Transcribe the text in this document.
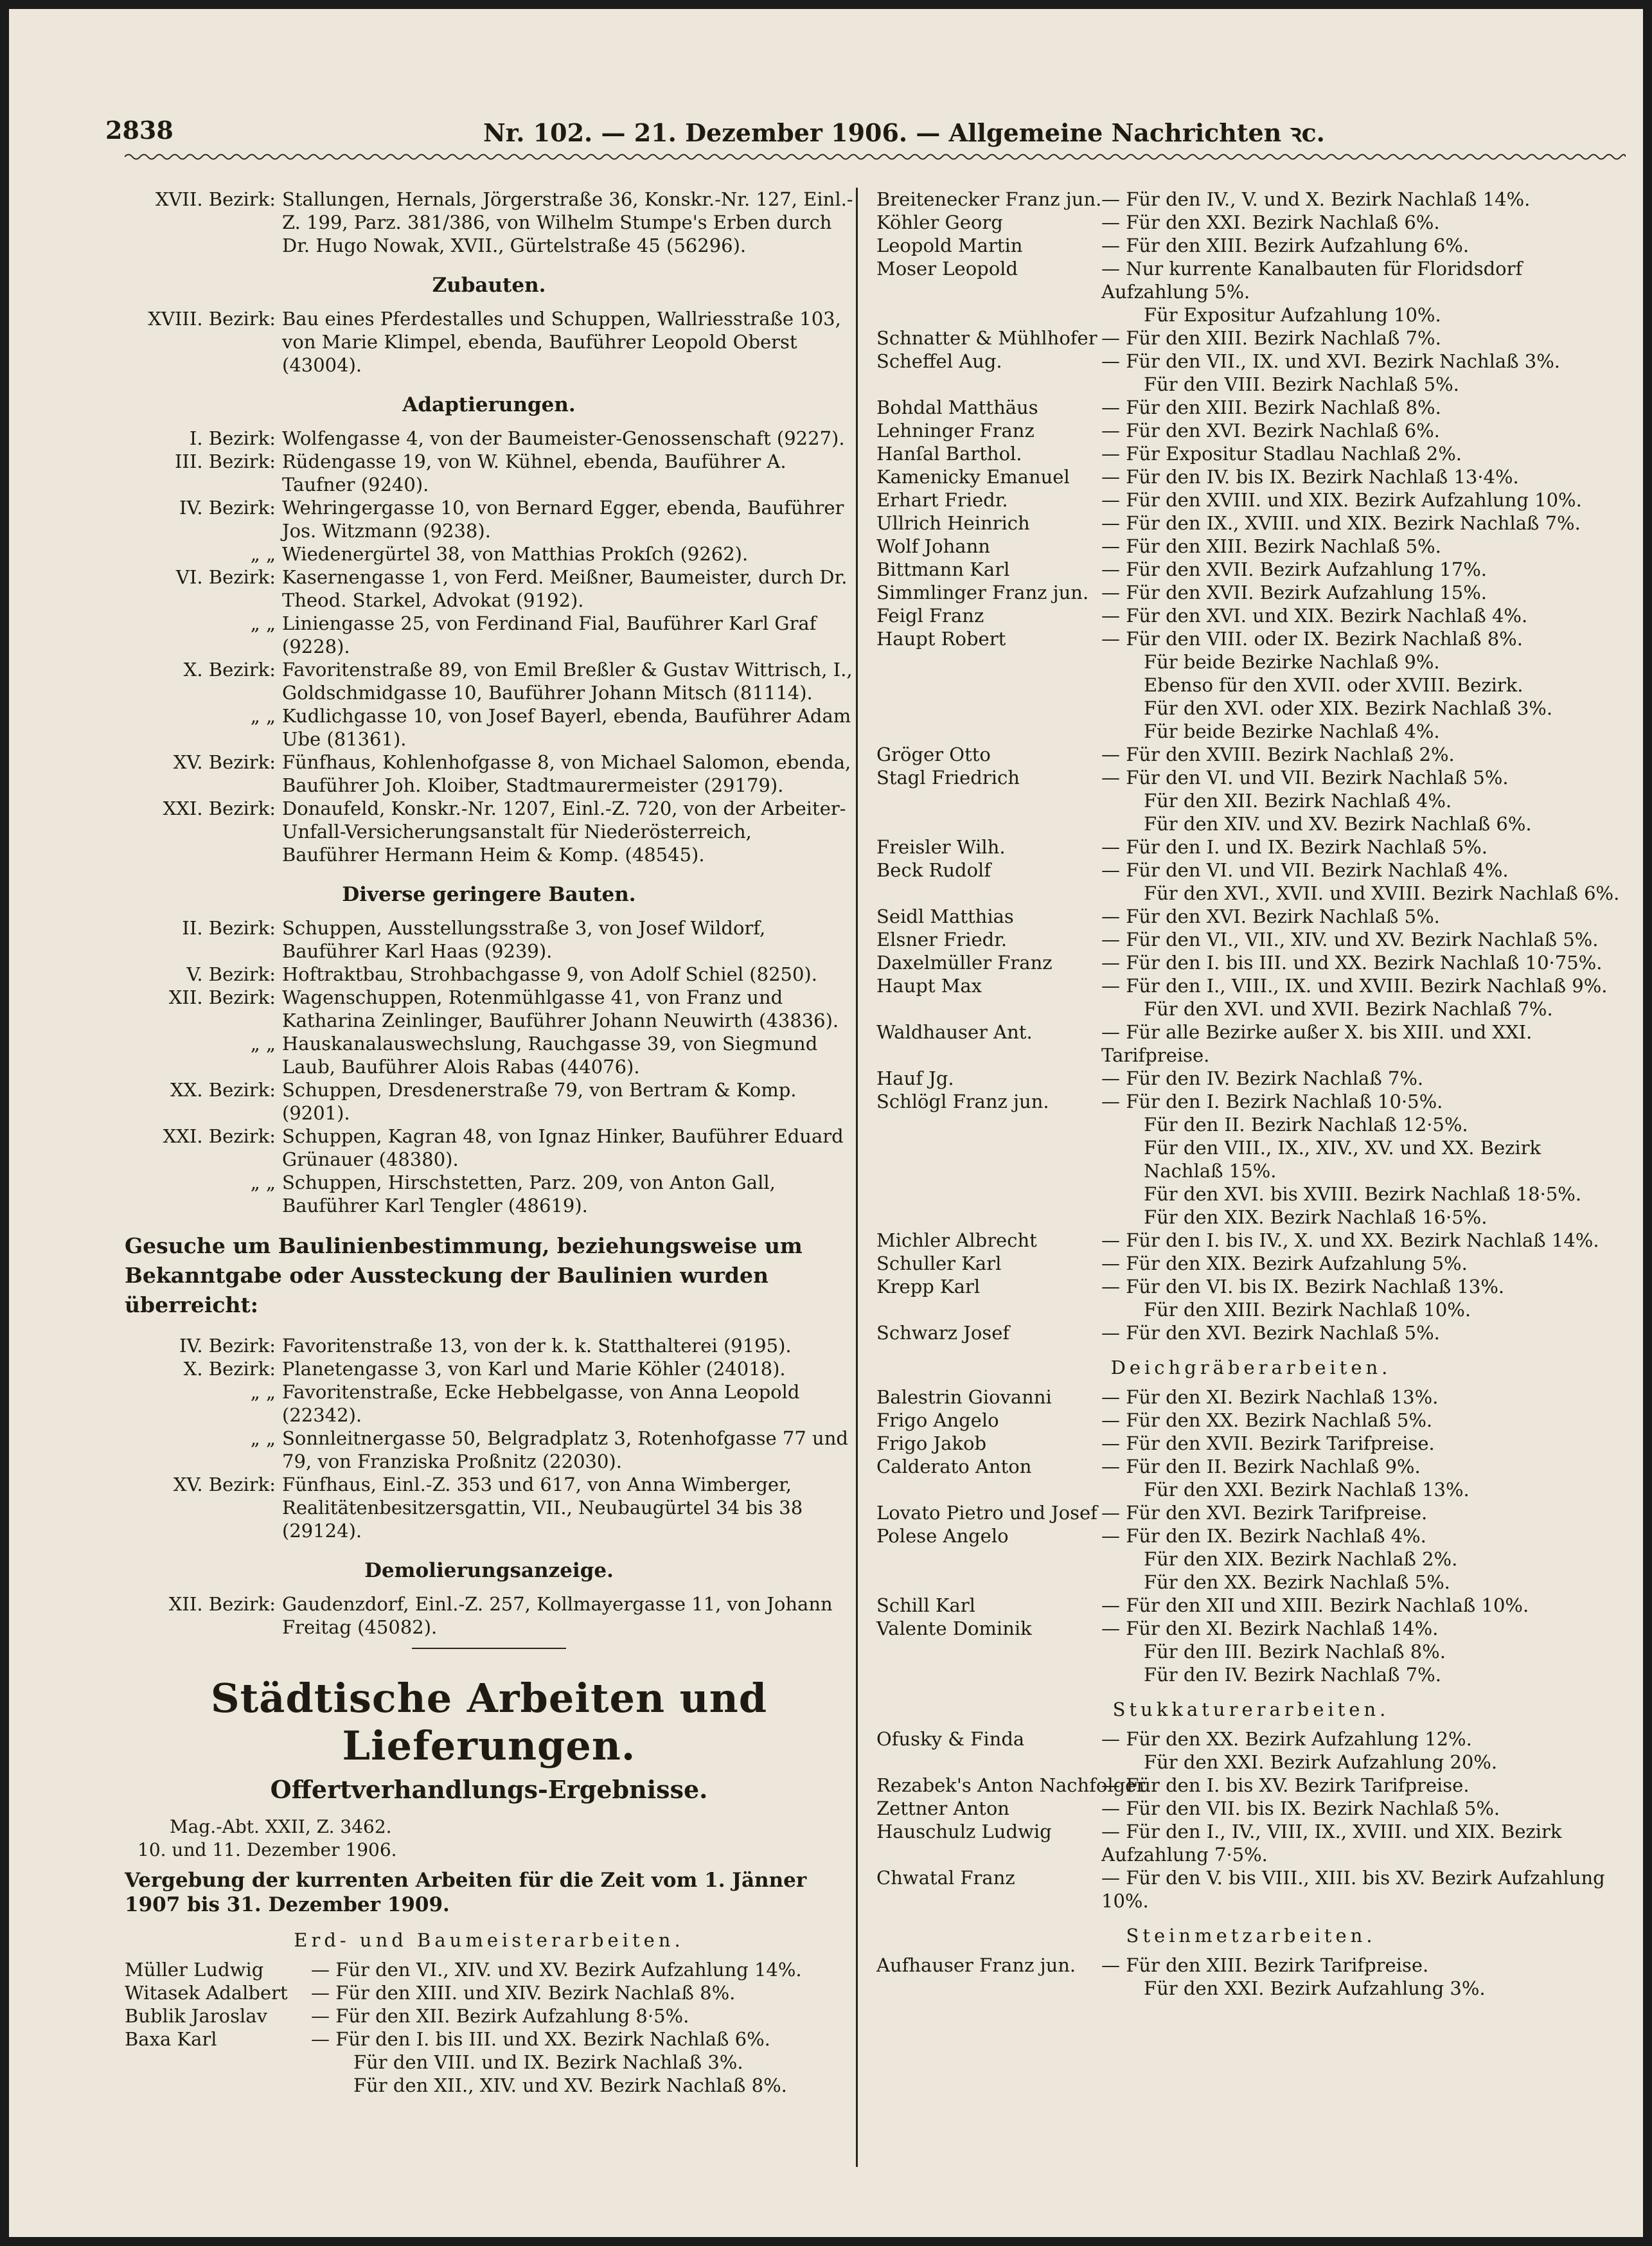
2838	Nr. 102. — 21. Dezember 1906. — Allgemeine Nachrichten ꝛc.
XVII. Bezirk: Stallungen, Hernals, Jörgerstraße 36, Konskr.-Nr. 127, Einl.-Z. 199, Parz. 381/386, von Wilhelm Stumpe's Erben durch Dr. Hugo Nowak, XVII., Gürtelstraße 45 (56296).
Zubauten.
XVIII. Bezirk: Bau eines Pferdestalles und Schuppen, Wallriesstraße 103, von Marie Klimpel, ebenda, Bauführer Leopold Oberst (43004).
Adaptierungen.
I. Bezirk: Wolfengasse 4, von der Baumeister-Genossenschaft (9227).
III. Bezirk: Rüdengasse 19, von W. Kühnel, ebenda, Bauführer A. Taufner (9240).
IV. Bezirk: Wehringergasse 10, von Bernard Egger, ebenda, Bauführer Jos. Witzmann (9238).
„ „ Wiedenergürtel 38, von Matthias Prokſch (9262).
VI. Bezirk: Kasernengasse 1, von Ferd. Meißner, Baumeister, durch Dr. Theod. Starkel, Advokat (9192).
„ „ Liniengasse 25, von Ferdinand Fial, Bauführer Karl Graf (9228).
X. Bezirk: Favoritenstraße 89, von Emil Breßler & Gustav Wittrisch, I., Goldschmidgasse 10, Bauführer Johann Mitsch (81114).
„ „ Kudlichgasse 10, von Josef Bayerl, ebenda, Bauführer Adam Ube (81361).
XV. Bezirk: Fünfhaus, Kohlenhofgasse 8, von Michael Salomon, ebenda, Bauführer Joh. Kloiber, Stadtmaurermeister (29179).
XXI. Bezirk: Donaufeld, Konskr.-Nr. 1207, Einl.-Z. 720, von der Arbeiter-Unfall-Versicherungsanstalt für Niederösterreich, Bauführer Hermann Heim & Komp. (48545).
Diverse geringere Bauten.
II. Bezirk: Schuppen, Ausstellungsstraße 3, von Josef Wildorf, Bauführer Karl Haas (9239).
V. Bezirk: Hoftraktbau, Strohbachgasse 9, von Adolf Schiel (8250).
XII. Bezirk: Wagenschuppen, Rotenmühlgasse 41, von Franz und Katharina Zeinlinger, Bauführer Johann Neuwirth (43836).
„ „ Hauskanalauswechslung, Rauchgasse 39, von Siegmund Laub, Bauführer Alois Rabas (44076).
XX. Bezirk: Schuppen, Dresdenerstraße 79, von Bertram & Komp. (9201).
XXI. Bezirk: Schuppen, Kagran 48, von Ignaz Hinker, Bauführer Eduard Grünauer (48380).
„ „ Schuppen, Hirschstetten, Parz. 209, von Anton Gall, Bauführer Karl Tengler (48619).
Gesuche um Baulinienbestimmung, beziehungsweise um Bekanntgabe oder Aussteckung der Baulinien wurden überreicht:
IV. Bezirk: Favoritenstraße 13, von der k. k. Statthalterei (9195).
X. Bezirk: Planetengasse 3, von Karl und Marie Köhler (24018).
„ „ Favoritenstraße, Ecke Hebbelgasse, von Anna Leopold (22342).
„ „ Sonnleitnergasse 50, Belgradplatz 3, Rotenhofgasse 77 und 79, von Franziska Proßnitz (22030).
XV. Bezirk: Fünfhaus, Einl.-Z. 353 und 617, von Anna Wimberger, Realitätenbesitzersgattin, VII., Neubaugürtel 34 bis 38 (29124).
Demolierungsanzeige.
XII. Bezirk: Gaudenzdorf, Einl.-Z. 257, Kollmayergasse 11, von Johann Freitag (45082).
Städtische Arbeiten und Lieferungen.
Offertverhandlungs-Ergebnisse.
Mag.-Abt. XXII, Z. 3462.
10. und 11. Dezember 1906.
Vergebung der kurrenten Arbeiten für die Zeit vom 1. Jänner 1907 bis 31. Dezember 1909.
Erd- und Baumeisterarbeiten.
Müller Ludwig	— Für den VI., XIV. und XV. Bezirk Aufzahlung 14%.
Witasek Adalbert	— Für den XIII. und XIV. Bezirk Nachlaß 8%.
Bublik Jaroslav	— Für den XII. Bezirk Aufzahlung 8·5%.
Baxa Karl	— Für den I. bis III. und XX. Bezirk Nachlaß 6%.
Für den VIII. und IX. Bezirk Nachlaß 3%.
Für den XII., XIV. und XV. Bezirk Nachlaß 8%.
Breitenecker Franz jun. — Für den IV., V. und X. Bezirk Nachlaß 14%.
Köhler Georg	— Für den XXI. Bezirk Nachlaß 6%.
Leopold Martin	— Für den XIII. Bezirk Aufzahlung 6%.
Moser Leopold	— Nur kurrente Kanalbauten für Floridsdorf Aufzahlung 5%.
Für Expositur Aufzahlung 10%.
Schnatter & Mühlhofer — Für den XIII. Bezirk Nachlaß 7%.
Scheffel Aug.	— Für den VII., IX. und XVI. Bezirk Nachlaß 3%.
Für den VIII. Bezirk Nachlaß 5%.
Bohdal Matthäus	— Für den XIII. Bezirk Nachlaß 8%.
Lehninger Franz	— Für den XVI. Bezirk Nachlaß 6%.
Hanſal Barthol.	— Für Expositur Stadlau Nachlaß 2%.
Kamenicky Emanuel	— Für den IV. bis IX. Bezirk Nachlaß 13·4%.
Erhart Friedr.	— Für den XVIII. und XIX. Bezirk Aufzahlung 10%.
Ullrich Heinrich	— Für den IX., XVIII. und XIX. Bezirk Nachlaß 7%.
Wolf Johann	— Für den XIII. Bezirk Nachlaß 5%.
Bittmann Karl	— Für den XVII. Bezirk Aufzahlung 17%.
Simmlinger Franz jun. — Für den XVII. Bezirk Aufzahlung 15%.
Feigl Franz	— Für den XVI. und XIX. Bezirk Nachlaß 4%.
Haupt Robert	— Für den VIII. oder IX. Bezirk Nachlaß 8%.
Für beide Bezirke Nachlaß 9%.
Ebenso für den XVII. oder XVIII. Bezirk.
Für den XVI. oder XIX. Bezirk Nachlaß 3%.
Für beide Bezirke Nachlaß 4%.
Gröger Otto	— Für den XVIII. Bezirk Nachlaß 2%.
Stagl Friedrich	— Für den VI. und VII. Bezirk Nachlaß 5%.
Für den XII. Bezirk Nachlaß 4%.
Für den XIV. und XV. Bezirk Nachlaß 6%.
Freisler Wilh.	— Für den I. und IX. Bezirk Nachlaß 5%.
Beck Rudolf	— Für den VI. und VII. Bezirk Nachlaß 4%.
Für den XVI., XVII. und XVIII. Bezirk Nachlaß 6%.
Seidl Matthias	— Für den XVI. Bezirk Nachlaß 5%.
Elsner Friedr.	— Für den VI., VII., XIV. und XV. Bezirk Nachlaß 5%.
Daxelmüller Franz	— Für den I. bis III. und XX. Bezirk Nachlaß 10·75%.
Haupt Max	— Für den I., VIII., IX. und XVIII. Bezirk Nachlaß 9%.
Für den XVI. und XVII. Bezirk Nachlaß 7%.
Waldhauser Ant.	— Für alle Bezirke außer X. bis XIII. und XXI. Tarifpreise.
Hauf Jg.	— Für den IV. Bezirk Nachlaß 7%.
Schlögl Franz jun.	— Für den I. Bezirk Nachlaß 10·5%.
Für den II. Bezirk Nachlaß 12·5%.
Für den VIII., IX., XIV., XV. und XX. Bezirk Nachlaß 15%.
Für den XVI. bis XVIII. Bezirk Nachlaß 18·5%.
Für den XIX. Bezirk Nachlaß 16·5%.
Michler Albrecht	— Für den I. bis IV., X. und XX. Bezirk Nachlaß 14%.
Schuller Karl	— Für den XIX. Bezirk Aufzahlung 5%.
Krepp Karl	— Für den VI. bis IX. Bezirk Nachlaß 13%.
Für den XIII. Bezirk Nachlaß 10%.
Schwarz Josef	— Für den XVI. Bezirk Nachlaß 5%.
Deichgräberarbeiten.
Balestrin Giovanni	— Für den XI. Bezirk Nachlaß 13%.
Frigo Angelo	— Für den XX. Bezirk Nachlaß 5%.
Frigo Jakob	— Für den XVII. Bezirk Tarifpreise.
Calderato Anton	— Für den II. Bezirk Nachlaß 9%.
Für den XXI. Bezirk Nachlaß 13%.
Lovato Pietro und Josef — Für den XVI. Bezirk Tarifpreise.
Polese Angelo	— Für den IX. Bezirk Nachlaß 4%.
Für den XIX. Bezirk Nachlaß 2%.
Für den XX. Bezirk Nachlaß 5%.
Schill Karl	— Für den XII und XIII. Bezirk Nachlaß 10%.
Valente Dominik	— Für den XI. Bezirk Nachlaß 14%.
Für den III. Bezirk Nachlaß 8%.
Für den IV. Bezirk Nachlaß 7%.
Stukkaturerarbeiten.
Ofusky & Finda	— Für den XX. Bezirk Aufzahlung 12%.
Für den XXI. Bezirk Aufzahlung 20%.
Rezabek's Anton Nachfolger
— Für den I. bis XV. Bezirk Tarifpreise.
Zettner Anton	— Für den VII. bis IX. Bezirk Nachlaß 5%.
Hauschulz Ludwig	— Für den I., IV., VIII, IX., XVIII. und XIX. Bezirk Aufzahlung 7·5%.
Chwatal Franz	— Für den V. bis VIII., XIII. bis XV. Bezirk Aufzahlung 10%.
Steinmetzarbeiten.
Aufhauser Franz jun.	— Für den XIII. Bezirk Tarifpreise.
Für den XXI. Bezirk Aufzahlung 3%.
